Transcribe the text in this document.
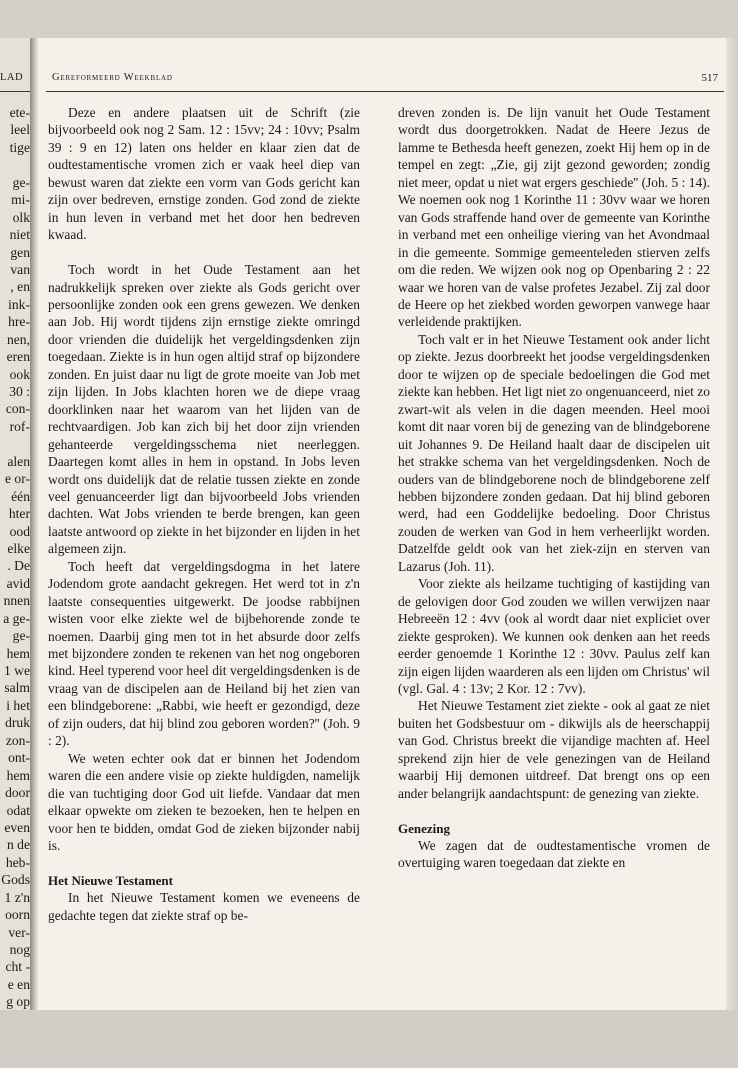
LAD
ete-
leel
tige
ge-
mi-
olk
niet
gen
van
, en
ink-
hre-
nen,
eren
ook
30 :
con-
rof-
alen
e or-
één
hter
ood
elke
. De
avid
nnen
a ge-
ge-
hem
1 we
salm
i het
druk
zon-
ont-
hem
door
odat
even
n de
heb-
Gods
1 z'n
oorn
ver-
nog
cht -
e en
g op
Gereformeerd Weekblad	517

Deze en andere plaatsen uit de Schrift (zie bijvoorbeeld ook nog 2 Sam. 12 : 15vv; 24 : 10vv; Psalm 39 : 9 en 12) laten ons helder en klaar zien dat de oudtestamentische vromen zich er vaak heel diep van bewust waren dat ziekte een vorm van Gods gericht kan zijn over bedreven, ernstige zonden. God zond de ziekte in hun leven in verband met het door hen bedreven kwaad.

Toch wordt in het Oude Testament aan het nadrukkelijk spreken over ziekte als Gods gericht over persoonlijke zonden ook een grens gewezen. We denken aan Job. Hij wordt tijdens zijn ernstige ziekte omringd door vrienden die duidelijk het vergeldingsdenken zijn toegedaan. Ziekte is in hun ogen altijd straf op bijzondere zonden. En juist daar nu ligt de grote moeite van Job met zijn lijden. In Jobs klachten horen we de diepe vraag doorklinken naar het waarom van het lijden van de rechtvaardigen. Job kan zich bij het door zijn vrienden gehanteerde vergeldingsschema niet neerleggen. Daartegen komt alles in hem in opstand. In Jobs leven wordt ons duidelijk dat de relatie tussen ziekte en zonde veel genuanceerder ligt dan bijvoorbeeld Jobs vrienden dachten. Wat Jobs vrienden te berde brengen, kan geen laatste antwoord op ziekte in het bijzonder en lijden in het algemeen zijn.

Toch heeft dat vergeldingsdogma in het latere Jodendom grote aandacht gekregen. Het werd tot in z'n laatste consequenties uitgewerkt. De joodse rabbijnen wisten voor elke ziekte wel de bijbehorende zonde te noemen. Daarbij ging men tot in het absurde door zelfs met bijzondere zonden te rekenen van het nog ongeboren kind. Heel typerend voor heel dit vergeldingsdenken is de vraag van de discipelen aan de Heiland bij het zien van een blindgeborene: „Rabbi, wie heeft er gezondigd, deze of zijn ouders, dat hij blind zou geboren worden?'' (Joh. 9 : 2).

We weten echter ook dat er binnen het Jodendom waren die een andere visie op ziekte huldigden, namelijk die van tuchtiging door God uit liefde. Vandaar dat men elkaar opwekte om zieken te bezoeken, hen te helpen en voor hen te bidden, omdat God de zieken bijzonder nabij is.

Het Nieuwe Testament

In het Nieuwe Testament komen we eveneens de gedachte tegen dat ziekte straf op be-

dreven zonden is. De lijn vanuit het Oude Testament wordt dus doorgetrokken. Nadat de Heere Jezus de lamme te Bethesda heeft genezen, zoekt Hij hem op in de tempel en zegt: „Zie, gij zijt gezond geworden; zondig niet meer, opdat u niet wat ergers geschiede'' (Joh. 5 : 14). We noemen ook nog 1 Korinthe 11 : 30vv waar we horen van Gods straffende hand over de gemeente van Korinthe in verband met een onheilige viering van het Avondmaal in die gemeente. Sommige gemeenteleden stierven zelfs om die reden. We wijzen ook nog op Openbaring 2 : 22 waar we horen van de valse profetes Jezabel. Zij zal door de Heere op het ziekbed worden geworpen vanwege haar verleidende praktijken.

Toch valt er in het Nieuwe Testament ook ander licht op ziekte. Jezus doorbreekt het joodse vergeldingsdenken door te wijzen op de speciale bedoelingen die God met ziekte kan hebben. Het ligt niet zo ongenuanceerd, niet zo zwart-wit als velen in die dagen meenden. Heel mooi komt dit naar voren bij de genezing van de blindgeborene uit Johannes 9. De Heiland haalt daar de discipelen uit het strakke schema van het vergeldingsdenken. Noch de ouders van de blindgeborene noch de blindgeborene zelf hebben bijzondere zonden gedaan. Dat hij blind geboren werd, had een Goddelijke bedoeling. Door Christus zouden de werken van God in hem verheerlijkt worden. Datzelfde geldt ook van het ziek-zijn en sterven van Lazarus (Joh. 11).

Voor ziekte als heilzame tuchtiging of kastijding van de gelovigen door God zouden we willen verwijzen naar Hebreeën 12 : 4vv (ook al wordt daar niet expliciet over ziekte gesproken). We kunnen ook denken aan het reeds eerder genoemde 1 Korinthe 12 : 30vv. Paulus zelf kan zijn eigen lijden waarderen als een lijden om Christus' wil (vgl. Gal. 4 : 13v; 2 Kor. 12 : 7vv).

Het Nieuwe Testament ziet ziekte - ook al gaat ze niet buiten het Godsbestuur om - dikwijls als de heerschappij van God. Christus breekt die vijandige machten af. Heel sprekend zijn hier de vele genezingen van de Heiland waarbij Hij demonen uitdreef. Dat brengt ons op een ander belangrijk aandachtspunt: de genezing van ziekte.

Genezing

We zagen dat de oudtestamentische vromen de overtuiging waren toegedaan dat ziekte en
